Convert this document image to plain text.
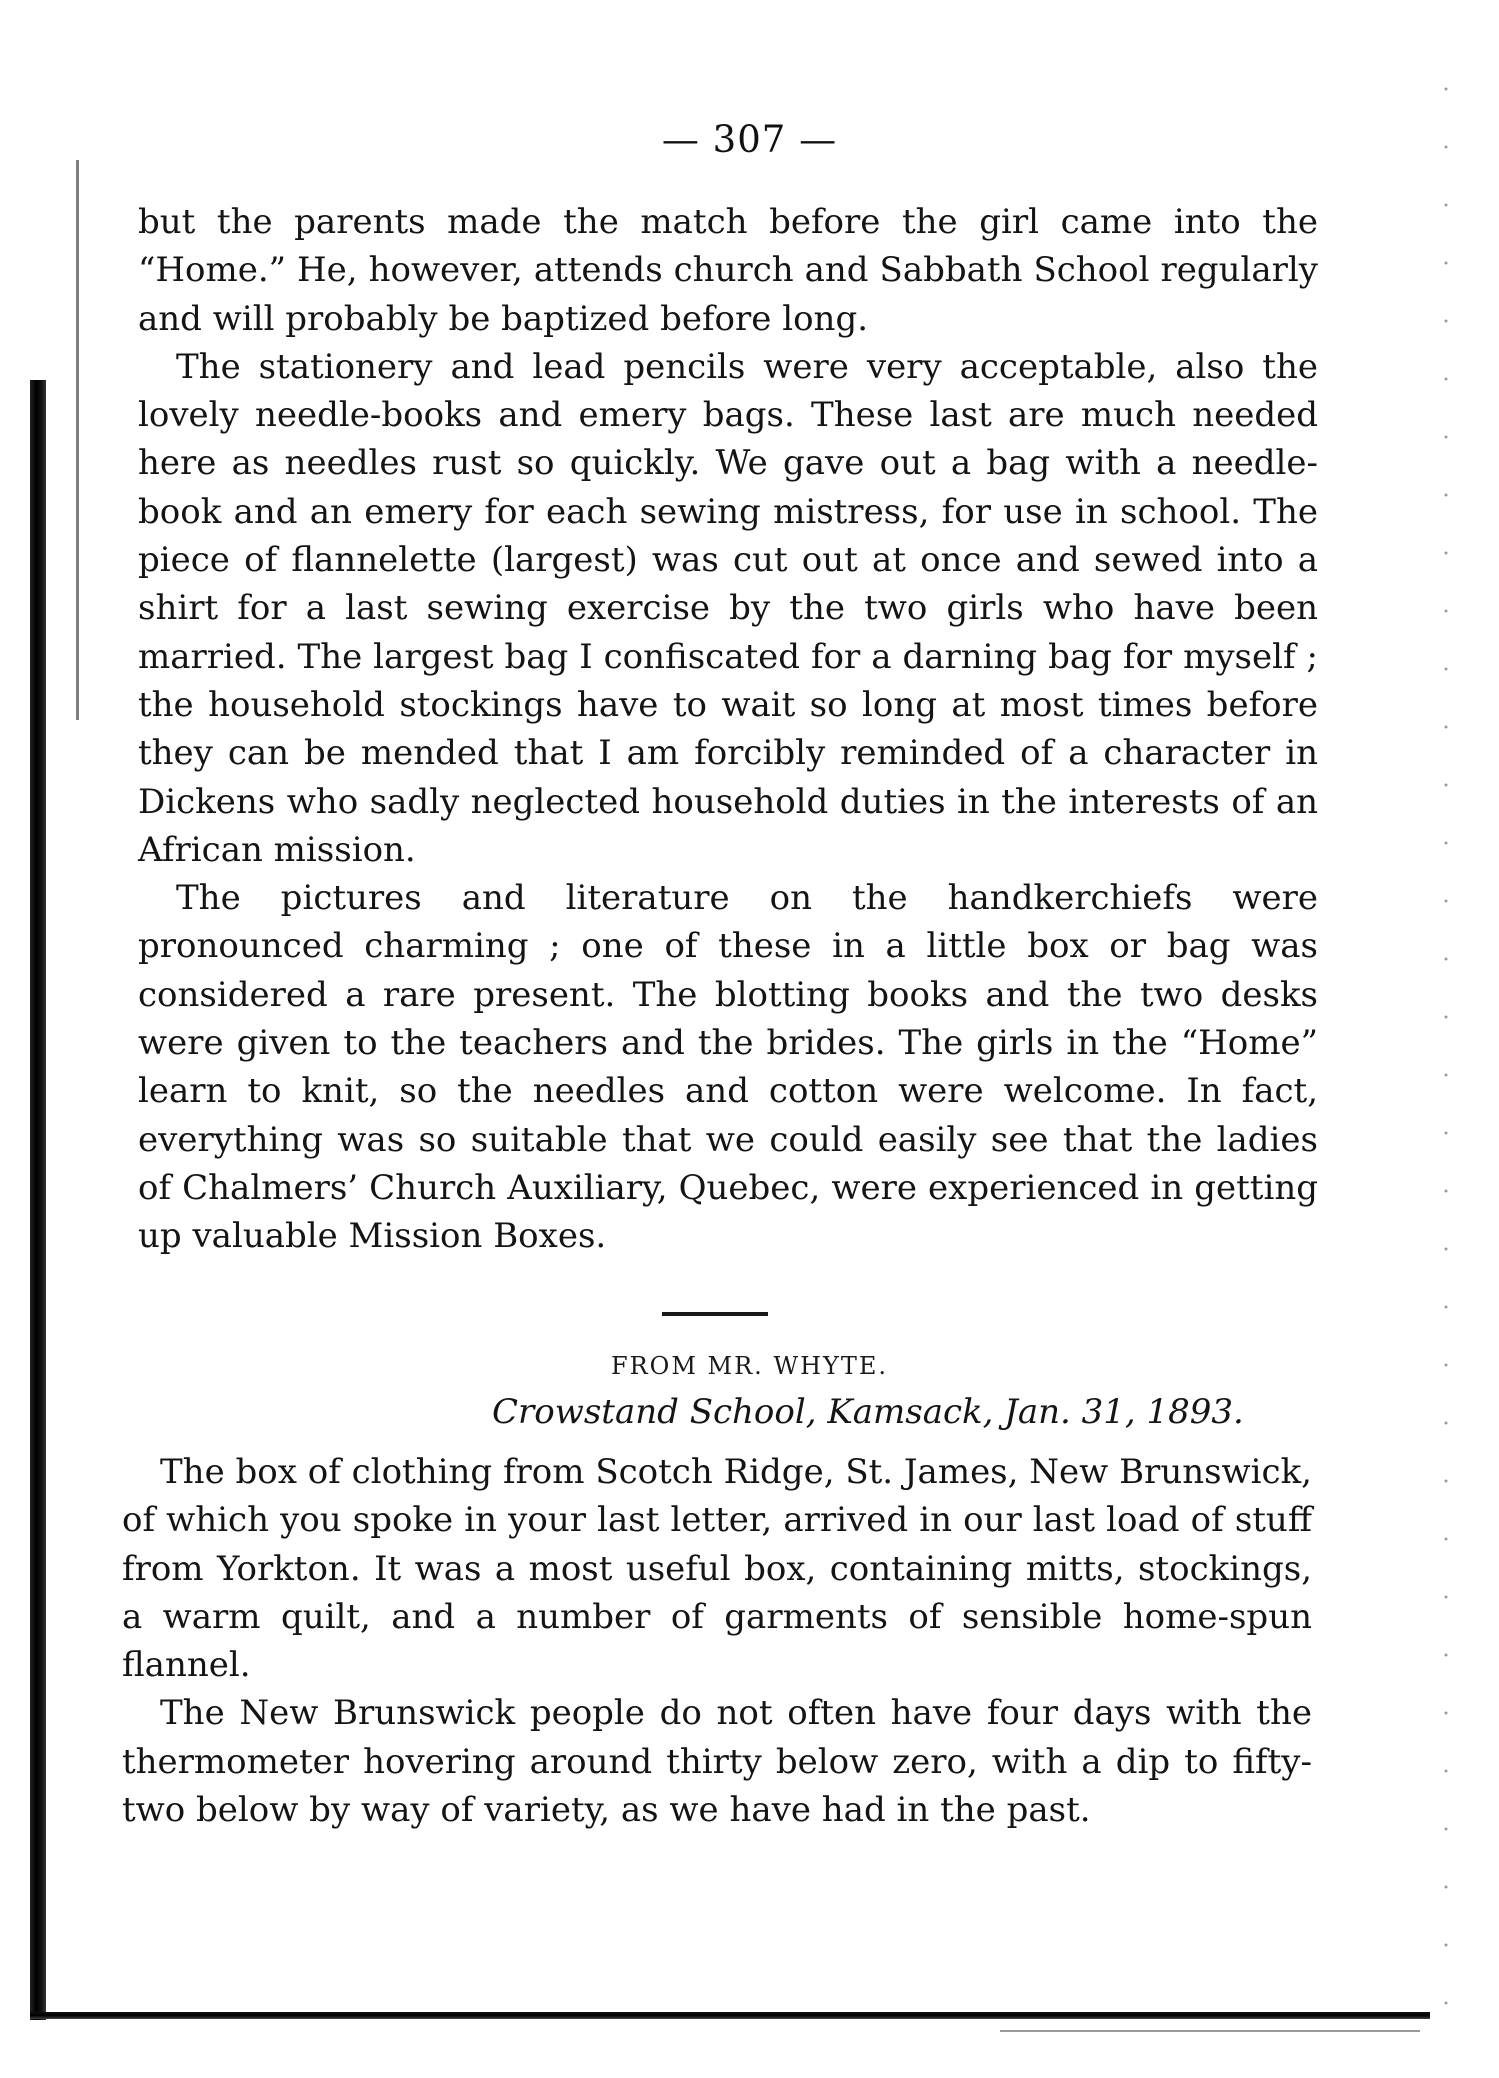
— 307 —

but the parents made the match before the girl came into the “Home.” He, however, attends church and Sabbath School regularly and will probably be baptized before long.

The stationery and lead pencils were very acceptable, also the lovely needle-books and emery bags. These last are much needed here as needles rust so quickly. We gave out a bag with a needle-book and an emery for each sewing mistress, for use in school. The piece of flannelette (largest) was cut out at once and sewed into a shirt for a last sewing exercise by the two girls who have been married. The largest bag I confiscated for a darning bag for myself ; the household stockings have to wait so long at most times before they can be mended that I am forcibly reminded of a character in Dickens who sadly neglected household duties in the interests of an African mission.

The pictures and literature on the handkerchiefs were pronounced charming ; one of these in a little box or bag was considered a rare present. The blotting books and the two desks were given to the teachers and the brides. The girls in the “Home” learn to knit, so the needles and cotton were welcome. In fact, everything was so suitable that we could easily see that the ladies of Chalmers’ Church Auxiliary, Quebec, were experienced in getting up valuable Mission Boxes.

FROM MR. WHYTE.
Crowstand School, Kamsack, Jan. 31, 1893.

The box of clothing from Scotch Ridge, St. James, New Brunswick, of which you spoke in your last letter, arrived in our last load of stuff from Yorkton. It was a most useful box, containing mitts, stockings, a warm quilt, and a number of garments of sensible home-spun flannel.

The New Brunswick people do not often have four days with the thermometer hovering around thirty below zero, with a dip to fifty-two below by way of variety, as we have had in the past.
